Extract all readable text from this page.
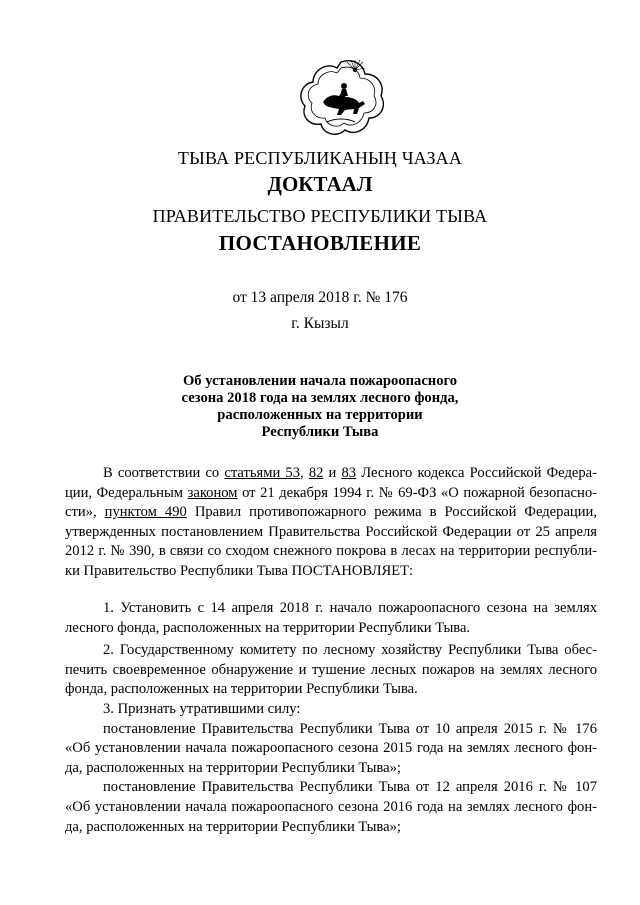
ТЫВА РЕСПУБЛИКАНЫҢ ЧАЗАА
ДОКТААЛ
ПРАВИТЕЛЬСТВО РЕСПУБЛИКИ ТЫВА
ПОСТАНОВЛЕНИЕ
от 13 апреля 2018 г. № 176
г. Кызыл
Об установлении начала пожароопасного
сезона 2018 года на землях лесного фонда,
расположенных на территории
Республики Тыва
В соответствии со статьями 53, 82 и 83 Лесного кодекса Российской Федера-
ции, Федеральным законом от 21 декабря 1994 г. № 69-ФЗ «О пожарной безопасно-
сти», пунктом 490 Правил противопожарного режима в Российской Федерации,
утвержденных постановлением Правительства Российской Федерации от 25 апреля
2012 г. № 390, в связи со сходом снежного покрова в лесах на территории республи-
ки Правительство Республики Тыва ПОСТАНОВЛЯЕТ:
1. Установить с 14 апреля 2018 г. начало пожароопасного сезона на землях
лесного фонда, расположенных на территории Республики Тыва.
2. Государственному комитету по лесному хозяйству Республики Тыва обес-
печить своевременное обнаружение и тушение лесных пожаров на землях лесного
фонда, расположенных на территории Республики Тыва.
3. Признать утратившими силу:
постановление Правительства Республики Тыва от 10 апреля 2015 г. № 176
«Об установлении начала пожароопасного сезона 2015 года на землях лесного фон-
да, расположенных на территории Республики Тыва»;
постановление Правительства Республики Тыва от 12 апреля 2016 г. № 107
«Об установлении начала пожароопасного сезона 2016 года на землях лесного фон-
да, расположенных на территории Республики Тыва»;
